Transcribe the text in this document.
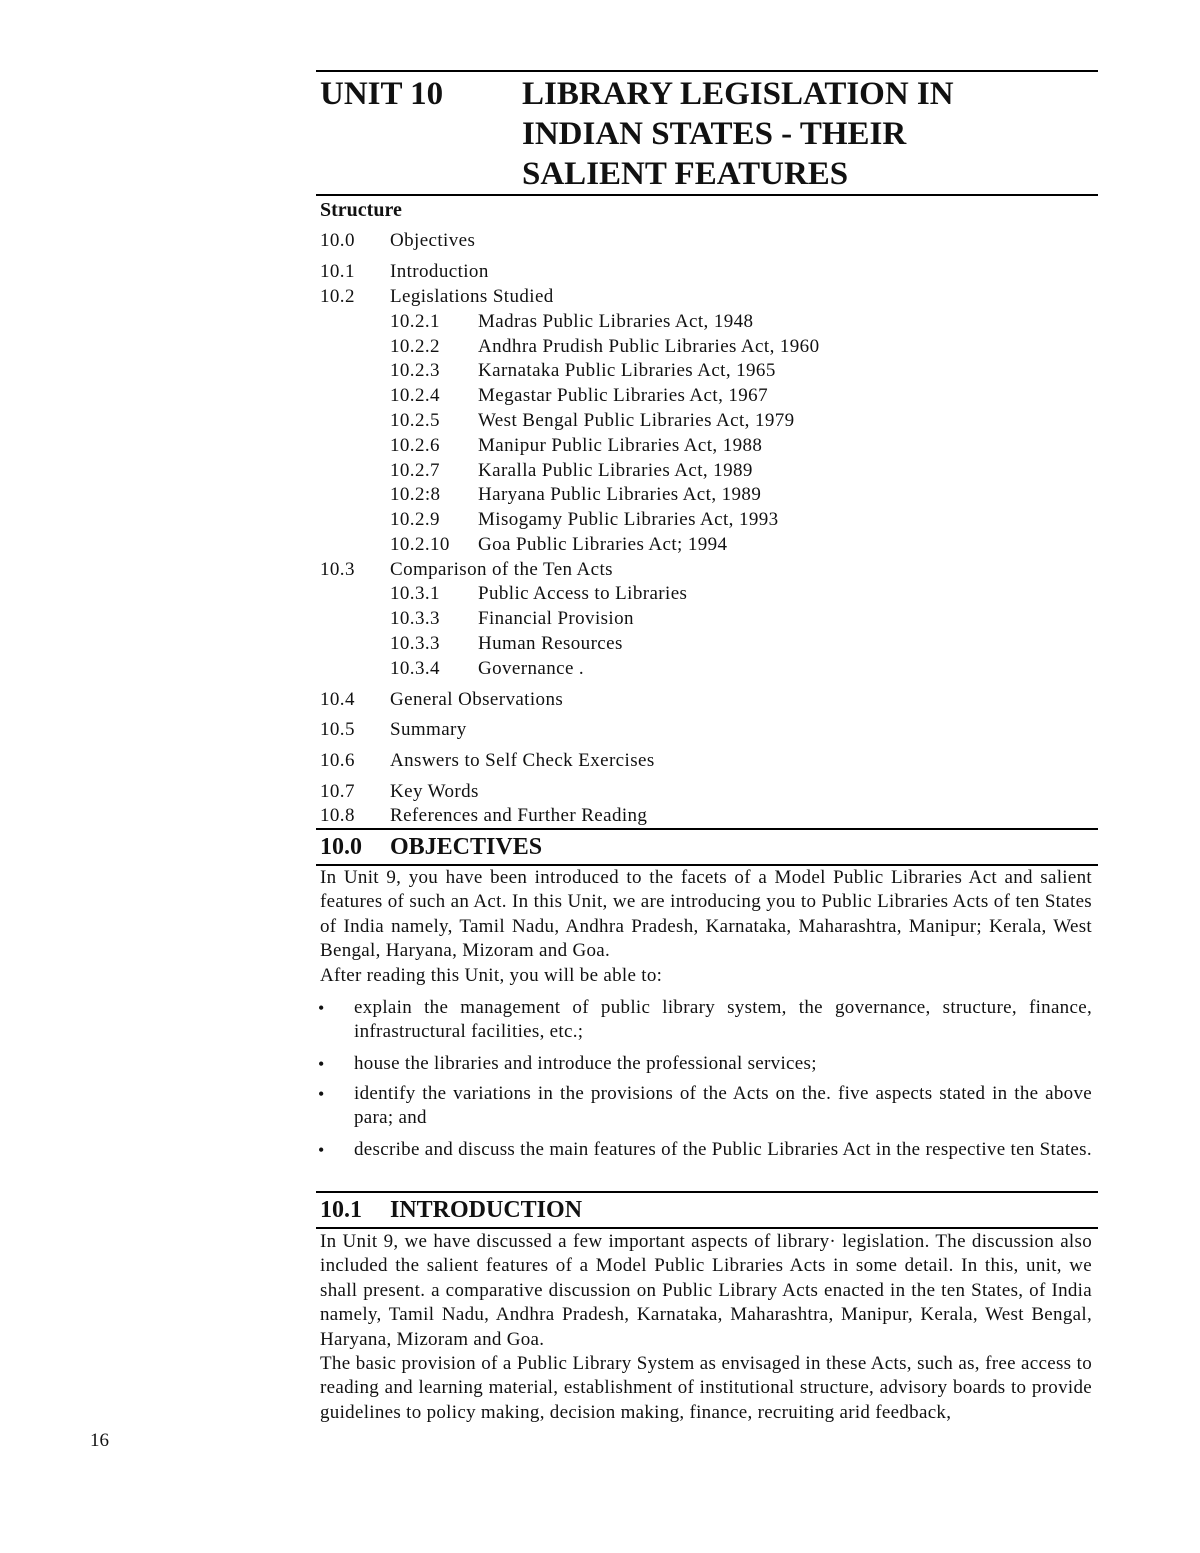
UNIT 10 LIBRARY LEGISLATION IN
INDIAN STATES - THEIR
SALIENT FEATURES
Structure
10.0 Objectives
10.1 Introduction
10.2 Legislations Studied
10.2.1 Madras Public Libraries Act, 1948
10.2.2 Andhra Prudish Public Libraries Act, 1960
10.2.3 Karnataka Public Libraries Act, 1965
10.2.4 Megastar Public Libraries Act, 1967
10.2.5 West Bengal Public Libraries Act, 1979
10.2.6 Manipur Public Libraries Act, 1988
10.2.7 Karalla Public Libraries Act, 1989
10.2:8 Haryana Public Libraries Act, 1989
10.2.9 Misogamy Public Libraries Act, 1993
10.2.10 Goa Public Libraries Act; 1994
10.3 Comparison of the Ten Acts
10.3.1 Public Access to Libraries
10.3.3 Financial Provision
10.3.3 Human Resources
10.3.4 Governance .
10.4 General Observations
10.5 Summary
10.6 Answers to Self Check Exercises
10.7 Key Words
10.8 References and Further Reading
10.0 OBJECTIVES
In Unit 9, you have been introduced to the facets of a Model Public Libraries Act and salient features of such an Act. In this Unit, we are introducing you to Public Libraries Acts of ten States of India namely, Tamil Nadu, Andhra Pradesh, Karnataka, Maharashtra, Manipur; Kerala, West Bengal, Haryana, Mizoram and Goa.
After reading this Unit, you will be able to:
• explain the management of public library system, the governance, structure, finance, infrastructural facilities, etc.;
• house the libraries and introduce the professional services;
• identify the variations in the provisions of the Acts on the. five aspects stated in the above para; and
• describe and discuss the main features of the Public Libraries Act in the respective ten States.
10.1 INTRODUCTION
In Unit 9, we have discussed a few important aspects of library· legislation. The discussion also included the salient features of a Model Public Libraries Acts in some detail. In this, unit, we shall present. a comparative discussion on Public Library Acts enacted in the ten States, of India namely, Tamil Nadu, Andhra Pradesh, Karnataka, Maharashtra, Manipur, Kerala, West Bengal, Haryana, Mizoram and Goa.
The basic provision of a Public Library System as envisaged in these Acts, such as, free access to reading and learning material, establishment of institutional structure, advisory boards to provide guidelines to policy making, decision making, finance, recruiting arid feedback,
16
